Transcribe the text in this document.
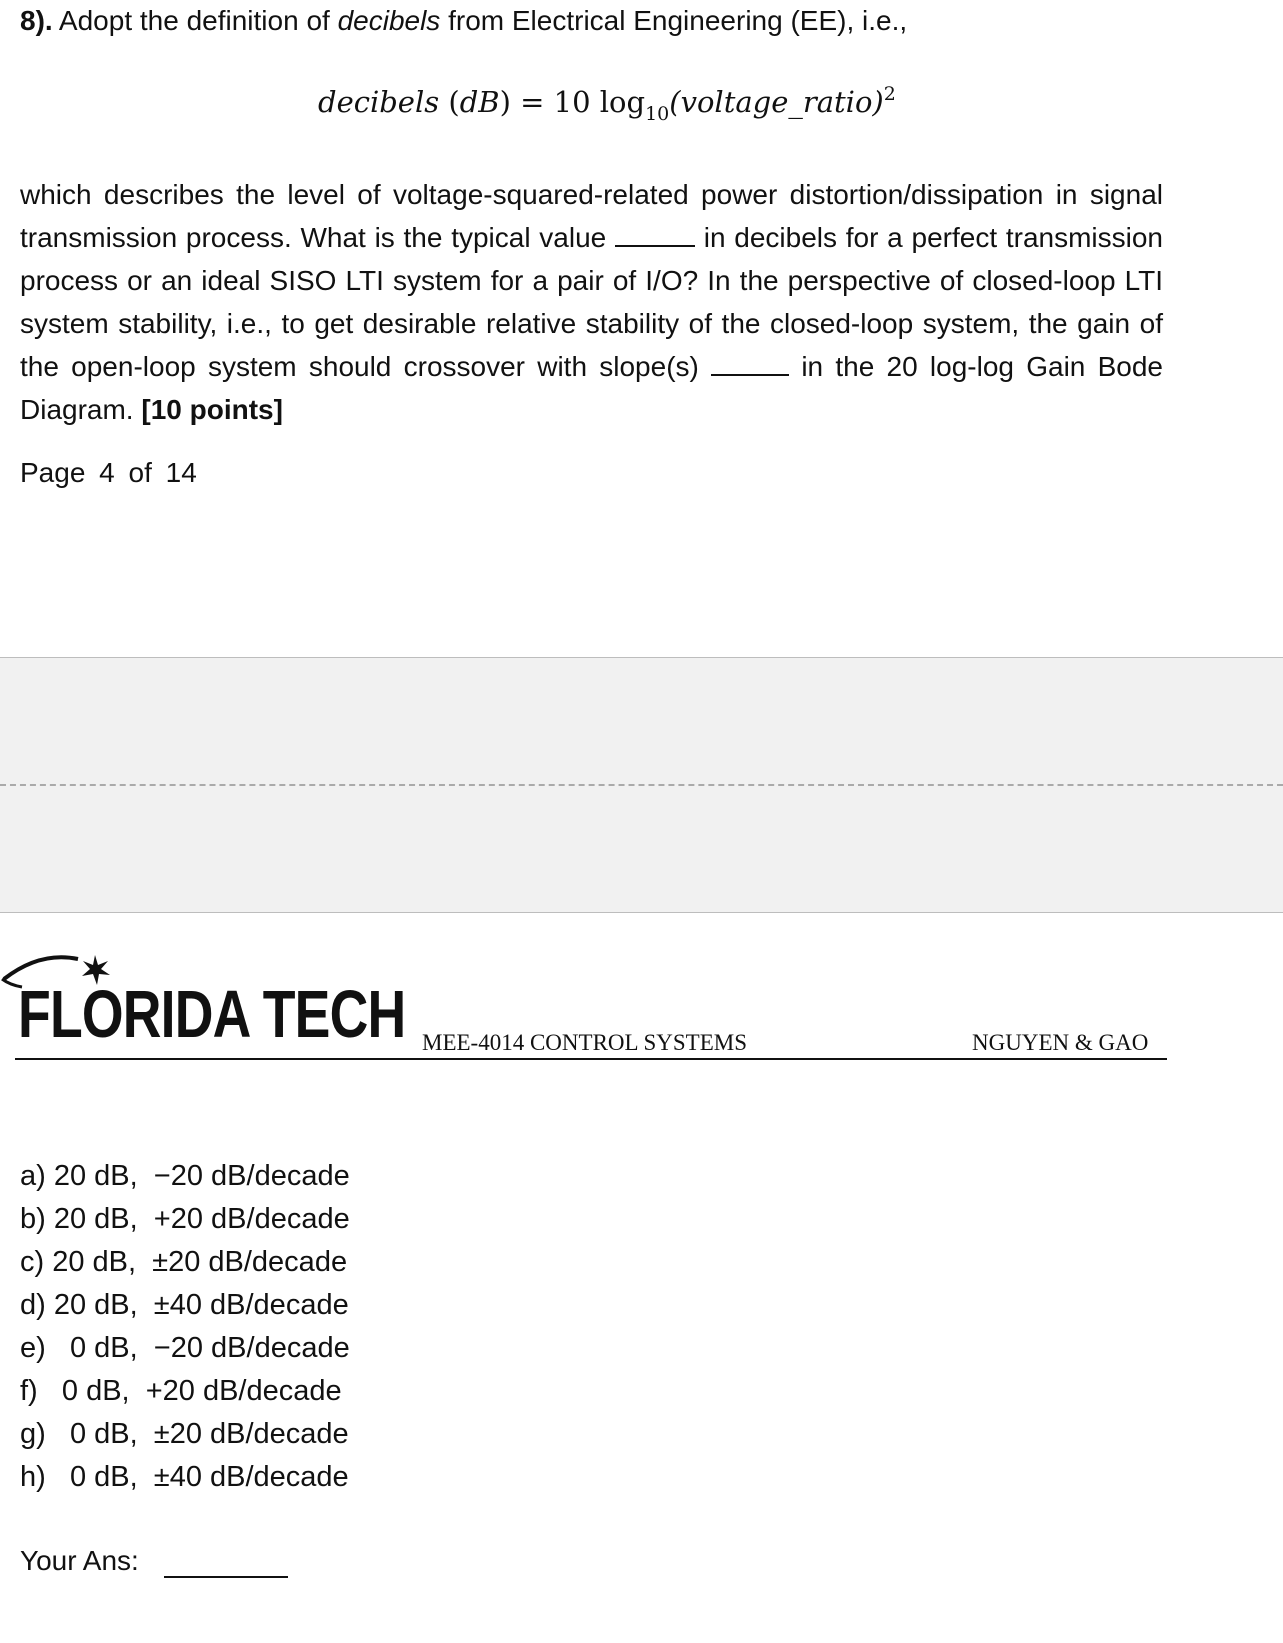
8). Adopt the definition of decibels from Electrical Engineering (EE), i.e.,
decibels (dB) = 10 $\log_{10}(voltage\_ratio)^2$
which describes the level of voltage-squared-related power distortion/dissipation in signal transmission process. What is the typical value	in decibels for a perfect transmission process or an ideal SISO LTI system for a pair of I/O? In the perspective of closed-loop LTI system stability, i.e., to get desirable relative stability of the closed-loop system, the gain of the open-loop system should crossover with slope(s)	in the 20 log-log Gain Bode Diagram. [10 points]
Page 4 of 14
FLORIDA TECH MEE-4014 CONTROL SYSTEMS	NGUYEN & GAO
a) 20 dB,  −20 dB/decade
b) 20 dB,  +20 dB/decade
c) 20 dB,  ±20 dB/decade
d) 20 dB,  ±40 dB/decade
e)   0 dB,  −20 dB/decade
f)   0 dB,  +20 dB/decade
g)   0 dB,  ±20 dB/decade
h)   0 dB,  ±40 dB/decade
Your Ans:
